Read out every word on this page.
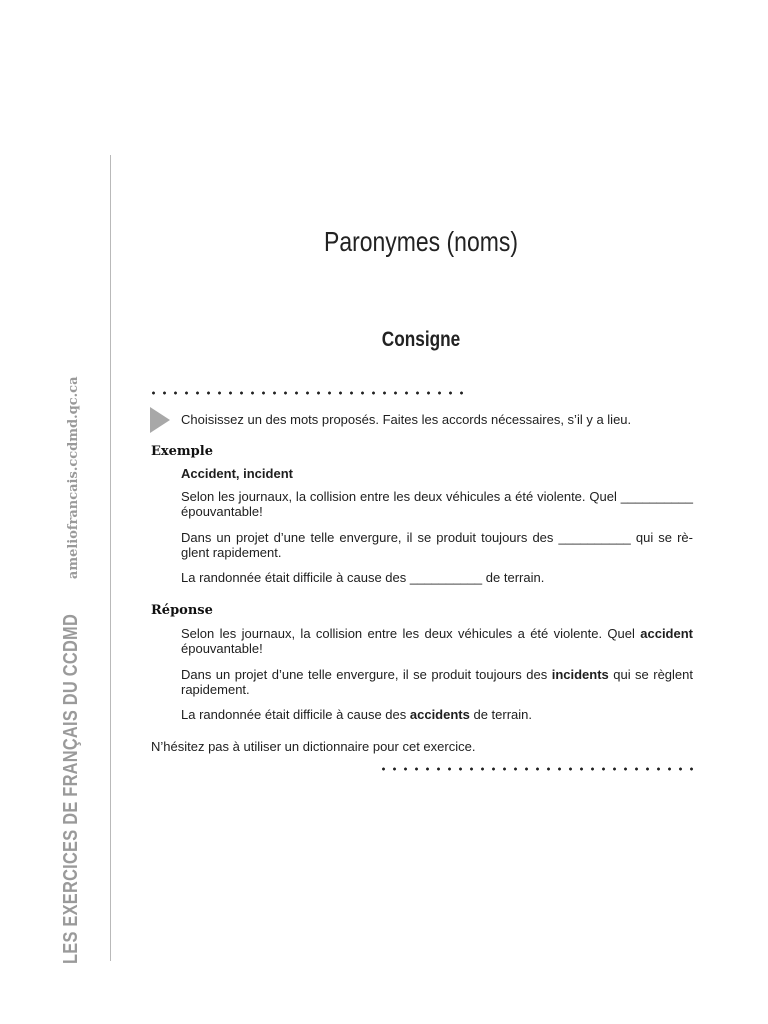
LES EXERCICES DE FRANÇAIS DU CCDMD
ameliofrancais.ccdmd.qc.ca
Paronymes (noms)
Consigne
Choisissez un des mots proposés. Faites les accords nécessaires, s’il y a lieu.
Exemple
Accident, incident
Selon les journaux, la collision entre les deux véhicules a été violente. Quel __________ épouvantable!
Dans un projet d’une telle envergure, il se produit toujours des __________ qui se rè-glent rapidement.
La randonnée était difficile à cause des __________ de terrain.
Réponse
Selon les journaux, la collision entre les deux véhicules a été violente. Quel accident épouvantable!
Dans un projet d’une telle envergure, il se produit toujours des incidents qui se règlent rapidement.
La randonnée était difficile à cause des accidents de terrain.
N’hésitez pas à utiliser un dictionnaire pour cet exercice.
